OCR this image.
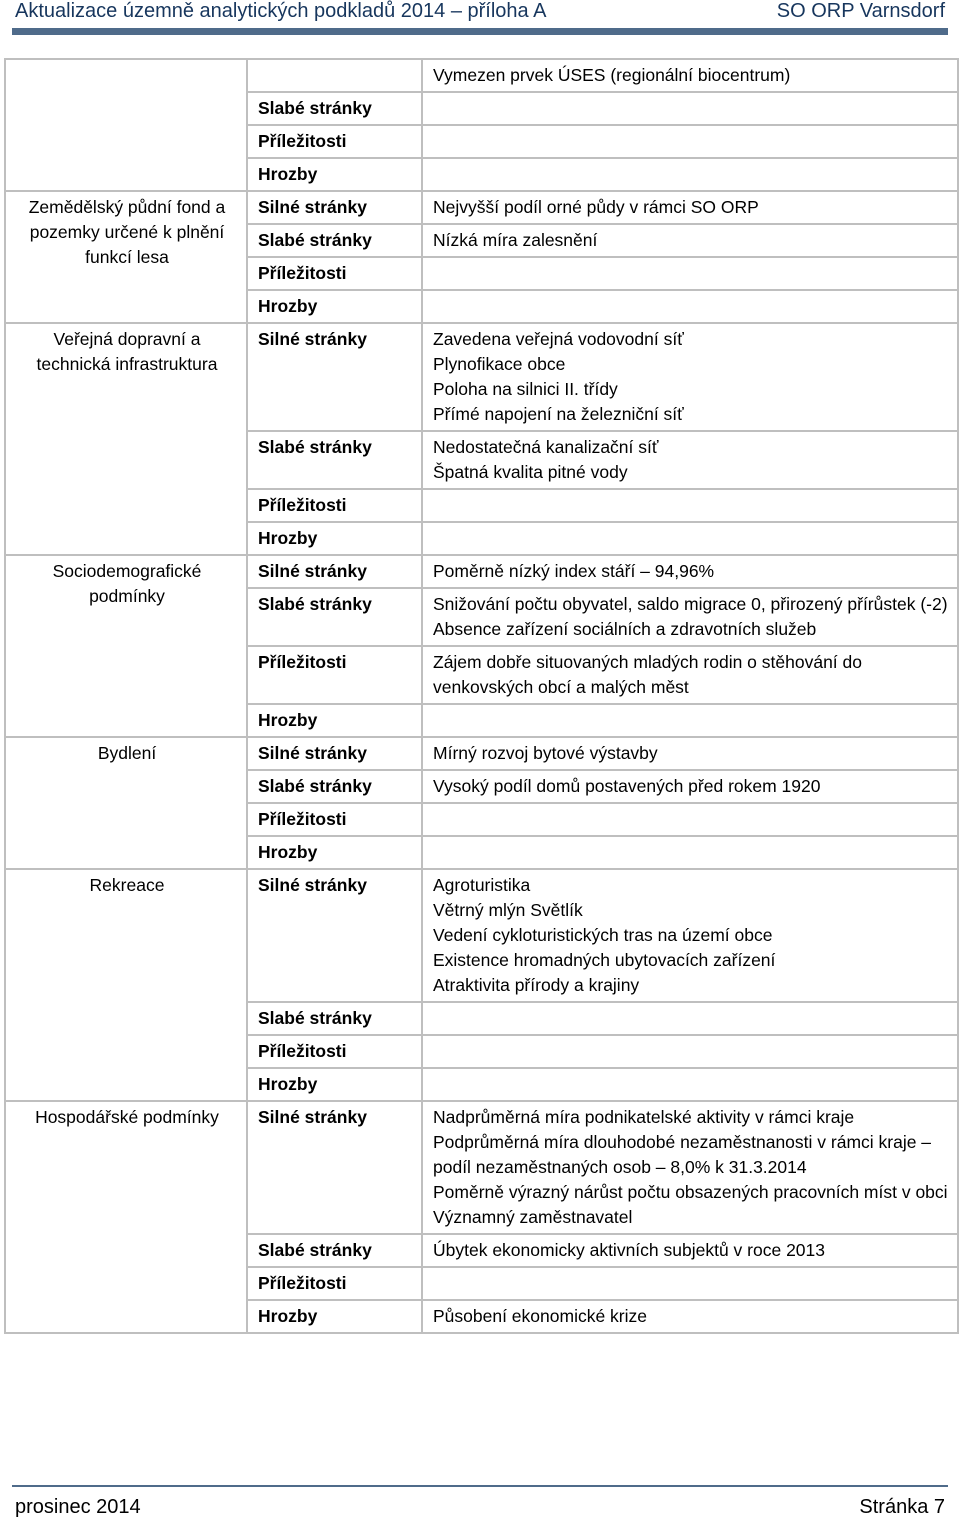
Aktualizace územně analytických podkladů 2014 – příloha A	SO ORP Varnsdorf

		Vymezen prvek ÚSES (regionální biocentrum)

	Slabé stránky	
	Příležitosti	
	Hrozby	
Zemědělský půdní fond a pozemky určené k plnění funkcí lesa	Silné stránky	Nejvyšší podíl orné půdy v rámci SO ORP

	Slabé stránky	Nízká míra zalesnění

	Příležitosti	
	Hrozby	
Veřejná dopravní a technická infrastruktura	Silné stránky	Zavedena veřejná vodovodní síť
Plynofikace obce
Poloha na silnici II. třídy
Přímé napojení na železniční síť

	Slabé stránky	Nedostatečná kanalizační síť
Špatná kvalita pitné vody

	Příležitosti	
	Hrozby	
Sociodemografické podmínky	Silné stránky	Poměrně nízký index stáří – 94,96%

	Slabé stránky	Snižování počtu obyvatel, saldo migrace 0, přirozený přírůstek (-2)
Absence zařízení sociálních a zdravotních služeb

	Příležitosti	Zájem dobře situovaných mladých rodin o stěhování do venkovských obcí a malých měst

	Hrozby	
Bydlení	Silné stránky	Mírný rozvoj bytové výstavby

	Slabé stránky	Vysoký podíl domů postavených před rokem 1920

	Příležitosti	
	Hrozby	
Rekreace	Silné stránky	Agroturistika
Větrný mlýn Světlík
Vedení cykloturistických tras na území obce
Existence hromadných ubytovacích zařízení
Atraktivita přírody a krajiny

	Slabé stránky	
	Příležitosti	
	Hrozby	
Hospodářské podmínky	Silné stránky	Nadprůměrná míra podnikatelské aktivity v rámci kraje
Podprůměrná míra dlouhodobé nezaměstnanosti v rámci kraje – podíl nezaměstnaných osob – 8,0% k 31.3.2014
Poměrně výrazný nárůst počtu obsazených pracovních míst v obci
Významný zaměstnavatel

	Slabé stránky	Úbytek ekonomicky aktivních subjektů v roce 2013

	Příležitosti	
	Hrozby	Působení ekonomické krize
prosinec 2014	Stránka 7
